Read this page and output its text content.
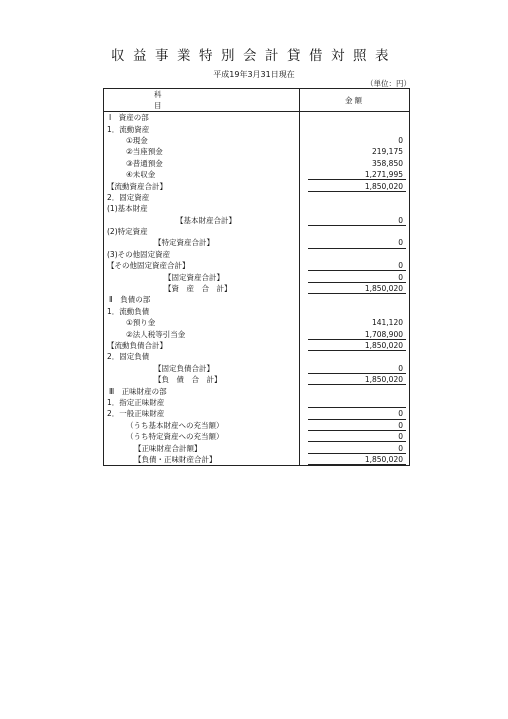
収益事業特別会計貸借対照表
平成19年3月31日現在
（単位：円）
科　目	金額
Ⅰ　資産の部	
1．流動資産	
①現金	0
②当座預金	219,175
③普通預金	358,850
④未収金	1,271,995
【流動資産合計】	1,850,020
2．固定資産	
(1)基本財産	
【基本財産合計】	0
(2)特定資産	
【特定資産合計】	0
(3)その他固定資産	
【その他固定資産合計】	0
【固定資産合計】	0
【資　産　合　計】	1,850,020
Ⅱ　負債の部	
1．流動負債	
①預り金	141,120
②法人税等引当金	1,708,900
【流動負債合計】	1,850,020
2．固定負債	
【固定負債合計】	0
【負　債　合　計】	1,850,020
Ⅲ　正味財産の部	
1．指定正味財産	
2．一般正味財産	0
（うち基本財産への充当額）	0
（うち特定資産への充当額）	0
【正味財産合計額】	0
【負債・正味財産合計】	1,850,020
